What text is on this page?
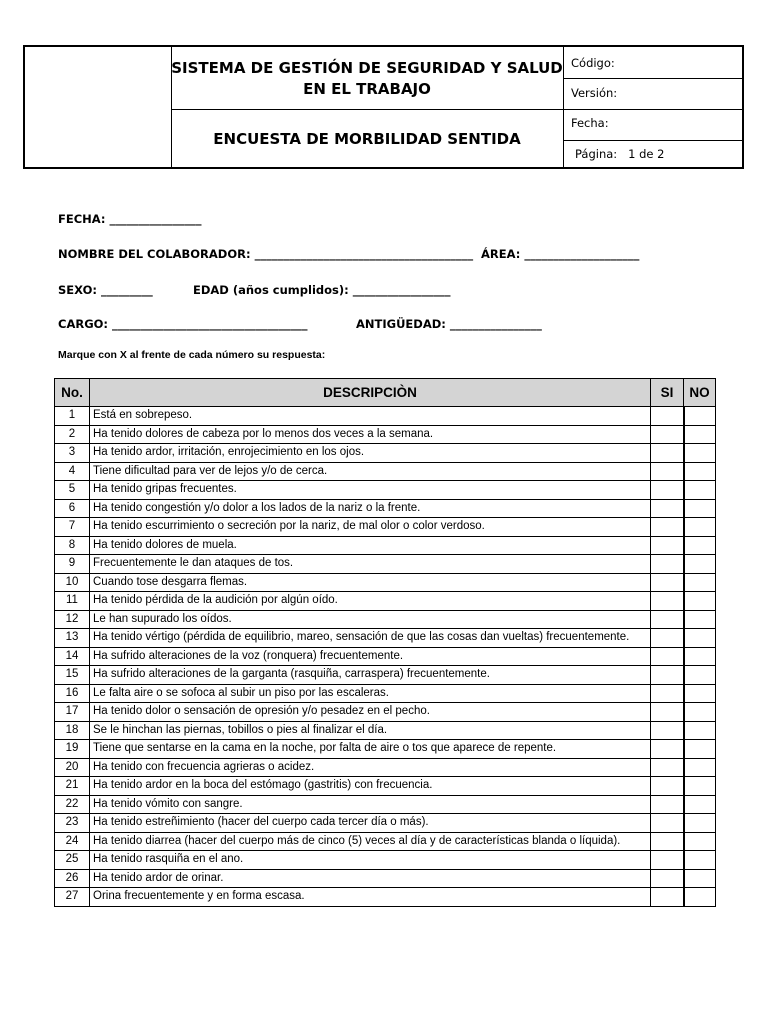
SISTEMA DE GESTIÓN DE SEGURIDAD Y SALUD
EN EL TRABAJO
ENCUESTA DE MORBILIDAD SENTIDA
Código:
Versión:
Fecha:
Página:   1 de 2
FECHA: ________________
NOMBRE DEL COLABORADOR: ______________________________________ ÁREA: ____________________
SEXO: _________	EDAD (años cumplidos): _________________
CARGO: __________________________________	ANTIGÜEDAD: ________________
Marque con X al frente de cada número su respuesta:
No.	DESCRIPCIÒN	SI	NO
1	Está en sobrepeso.		
2	Ha tenido dolores de cabeza por lo menos dos veces a la semana.		
3	Ha tenido ardor, irritación, enrojecimiento en los ojos.		
4	Tiene dificultad para ver de lejos y/o de cerca.		
5	Ha tenido gripas frecuentes.		
6	Ha tenido congestión y/o dolor a los lados de la nariz o la frente.		
7	Ha tenido escurrimiento o secreción por la nariz, de mal olor o color verdoso.		
8	Ha tenido dolores de muela.		
9	Frecuentemente le dan ataques de tos.		
10	Cuando tose desgarra flemas.		
11	Ha tenido pérdida de la audición por algún oído.		
12	Le han supurado los oídos.		
13	Ha tenido vértigo (pérdida de equilibrio, mareo, sensación de que las cosas dan vueltas) frecuentemente.		
14	Ha sufrido alteraciones de la voz (ronquera) frecuentemente.		
15	Ha sufrido alteraciones de la garganta (rasquiña, carraspera) frecuentemente.		
16	Le falta aire o se sofoca al subir un piso por las escaleras.		
17	Ha tenido dolor o sensación de opresión y/o pesadez en el pecho.		
18	Se le hinchan las piernas, tobillos o pies al finalizar el día.		
19	Tiene que sentarse en la cama en la noche, por falta de aire o tos que aparece de repente.		
20	Ha tenido con frecuencia agrieras o acidez.		
21	Ha tenido ardor en la boca del estómago (gastritis) con frecuencia.		
22	Ha tenido vómito con sangre.		
23	Ha tenido estreñimiento (hacer del cuerpo cada tercer día o más).		
24	Ha tenido diarrea (hacer del cuerpo más de cinco (5) veces al día y de características blanda o líquida).		
25	Ha tenido rasquiña en el ano.		
26	Ha tenido ardor de orinar.		
27	Orina frecuentemente y en forma escasa.		
